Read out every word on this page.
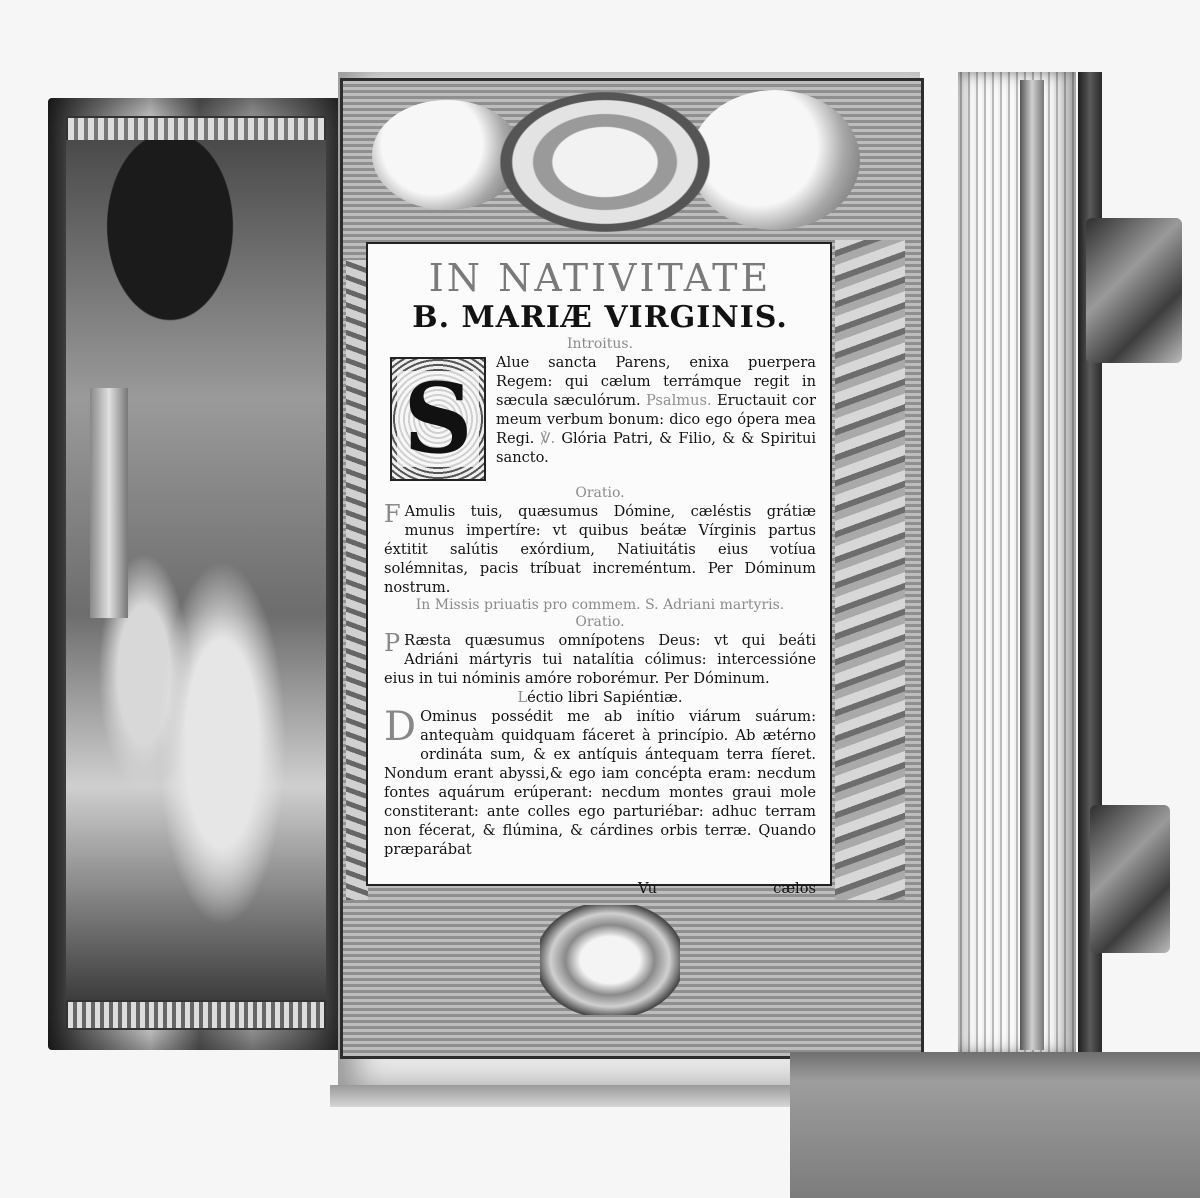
IN NATIVITATE

B. MARIÆ VIRGINIS.

Introitus.

S	Alue sancta Parens, enixa puerpera Regem: qui cælum terrámque regit in sæcula sæculórum. Psalmus. Eructauit cor meum verbum bonum: dico ego ópera mea Regi. ℣. Glória Patri, & Filio, & & Spiritui sancto.

Oratio.

F Amulis tuis, quæsumus Dómine, cæléstis grátiæ munus impertíre: vt quibus beátæ Vírginis partus éxtitit salútis exórdium, Natiuitátis eius votíua solémnitas, pacis tríbuat increméntum. Per Dóminum nostrum.

In Missis priuatis pro commem. S. Adriani martyris.

Oratio.

P Ræsta quæsumus omnípotens Deus: vt qui beáti Adriáni mártyris tui natalítia cólimus: intercessióne eius in tui nóminis amóre roborémur. Per Dóminum.

Léctio libri Sapiéntiæ.

D Ominus possédit me ab inítio viárum suárum: antequàm quidquam fáceret à princípio. Ab ætérno ordináta sum, & ex antíquis ántequam terra fíeret. Nondum erant abyssi,& ego iam concépta eram: necdum fontes aquárum erúperant: necdum montes graui mole constiterant: ante colles ego parturiébar: adhuc terram non fécerat, & flúmina, & cárdines orbis terræ. Quando præparábat

Vu	cælos
